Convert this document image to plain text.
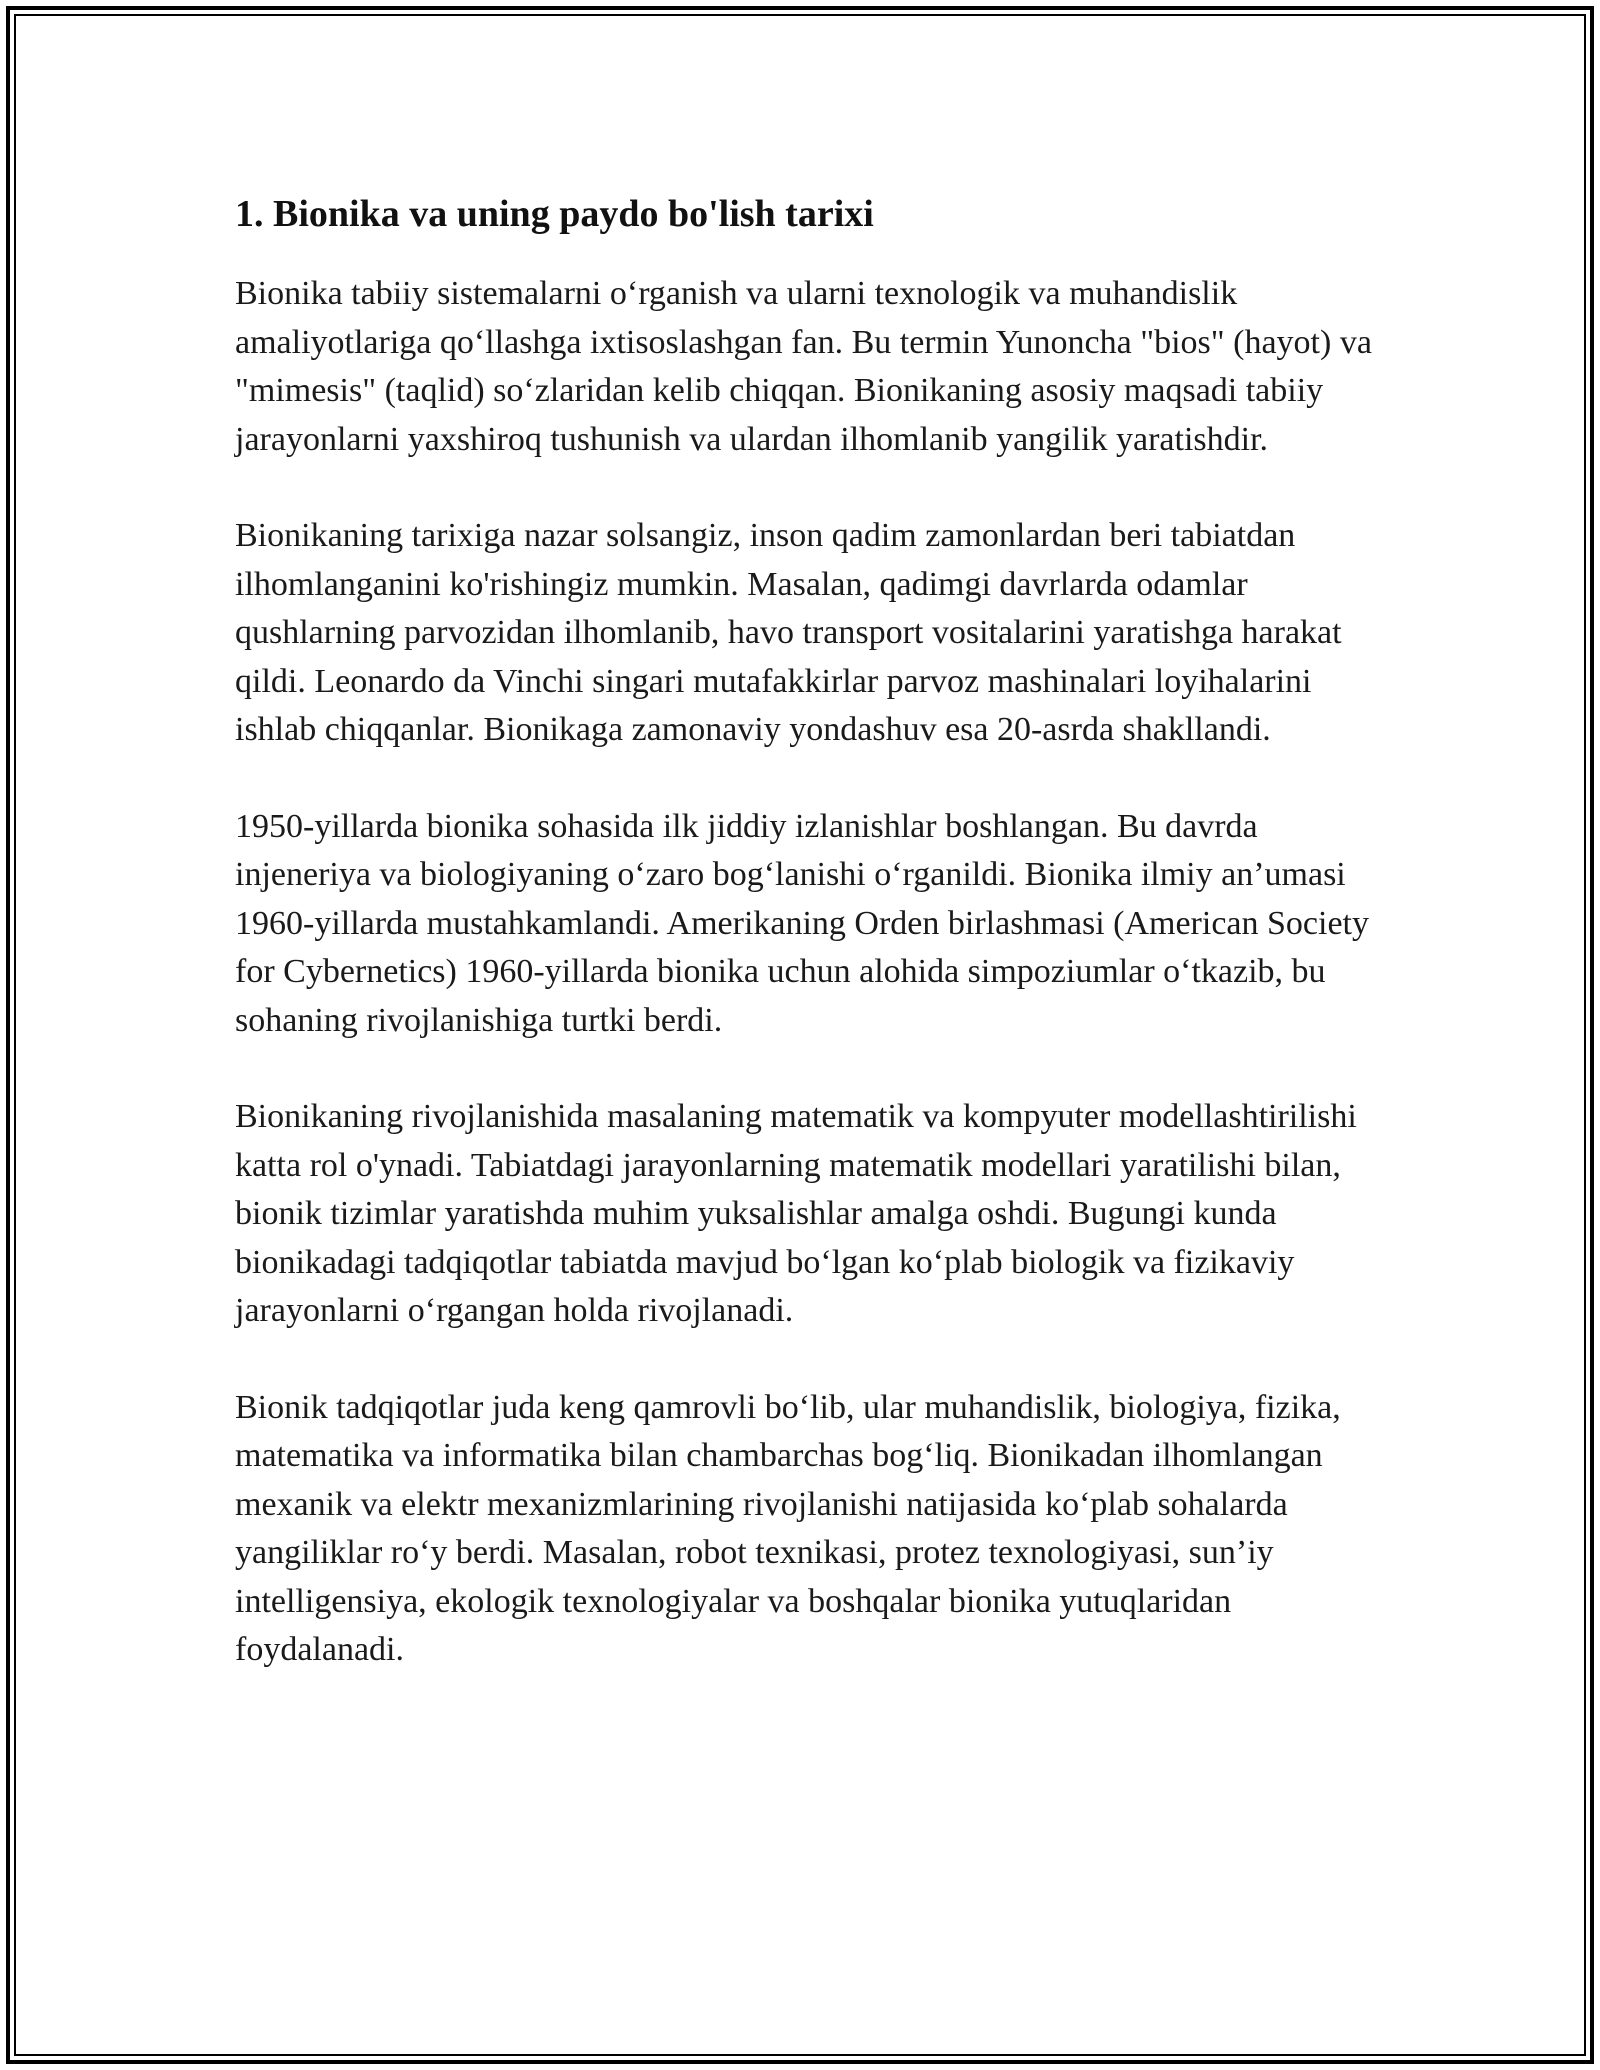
1. Bionika va uning paydo bo'lish tarixi

Bionika tabiiy sistemalarni o‘rganish va ularni texnologik va muhandislik amaliyotlariga qo‘llashga ixtisoslashgan fan. Bu termin Yunoncha "bios" (hayot) va "mimesis" (taqlid) so‘zlaridan kelib chiqqan. Bionikaning asosiy maqsadi tabiiy jarayonlarni yaxshiroq tushunish va ulardan ilhomlanib yangilik yaratishdir.

Bionikaning tarixiga nazar solsangiz, inson qadim zamonlardan beri tabiatdan ilhomlanganini ko'rishingiz mumkin. Masalan, qadimgi davrlarda odamlar qushlarning parvozidan ilhomlanib, havo transport vositalarini yaratishga harakat qildi. Leonardo da Vinchi singari mutafakkirlar parvoz mashinalari loyihalarini ishlab chiqqanlar. Bionikaga zamonaviy yondashuv esa 20-asrda shakllandi.

1950-yillarda bionika sohasida ilk jiddiy izlanishlar boshlangan. Bu davrda injeneriya va biologiyaning o‘zaro bog‘lanishi o‘rganildi. Bionika ilmiy an’umasi 1960-yillarda mustahkamlandi. Amerikaning Orden birlashmasi (American Society for Cybernetics) 1960-yillarda bionika uchun alohida simpoziumlar o‘tkazib, bu sohaning rivojlanishiga turtki berdi.

Bionikaning rivojlanishida masalaning matematik va kompyuter modellashtirilishi katta rol o'ynadi. Tabiatdagi jarayonlarning matematik modellari yaratilishi bilan, bionik tizimlar yaratishda muhim yuksalishlar amalga oshdi. Bugungi kunda bionikadagi tadqiqotlar tabiatda mavjud bo‘lgan ko‘plab biologik va fizikaviy jarayonlarni o‘rgangan holda rivojlanadi.

Bionik tadqiqotlar juda keng qamrovli bo‘lib, ular muhandislik, biologiya, fizika, matematika va informatika bilan chambarchas bog‘liq. Bionikadan ilhomlangan mexanik va elektr mexanizmlarining rivojlanishi natijasida ko‘plab sohalarda yangiliklar ro‘y berdi. Masalan, robot texnikasi, protez texnologiyasi, sun’iy intelligensiya, ekologik texnologiyalar va boshqalar bionika yutuqlaridan foydalanadi.
